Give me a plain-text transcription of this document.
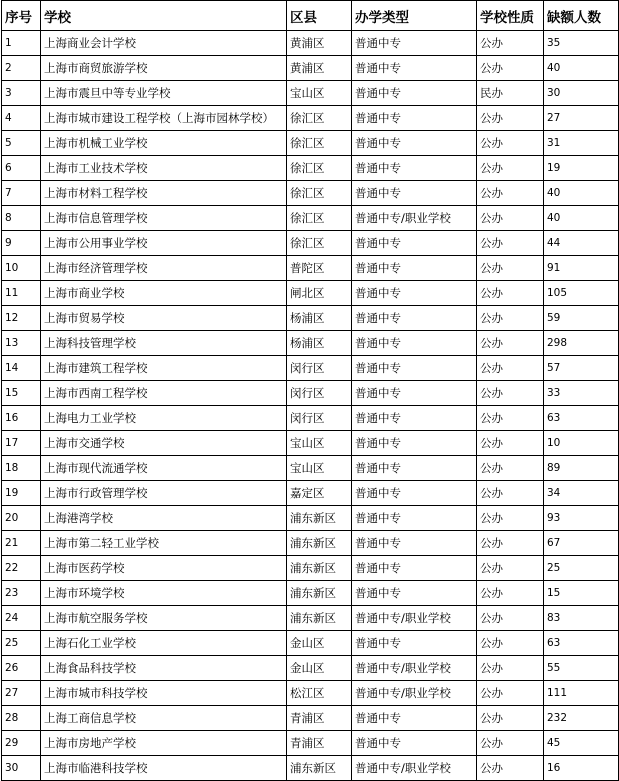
序号	学校	区县	办学类型	学校性质	缺额人数
1	上海商业会计学校	黄浦区	普通中专	公办	35
2	上海市商贸旅游学校	黄浦区	普通中专	公办	40
3	上海市震旦中等专业学校	宝山区	普通中专	民办	30
4	上海市城市建设工程学校（上海市园林学校）	徐汇区	普通中专	公办	27
5	上海市机械工业学校	徐汇区	普通中专	公办	31
6	上海市工业技术学校	徐汇区	普通中专	公办	19
7	上海市材料工程学校	徐汇区	普通中专	公办	40
8	上海市信息管理学校	徐汇区	普通中专/职业学校	公办	40
9	上海市公用事业学校	徐汇区	普通中专	公办	44
10	上海市经济管理学校	普陀区	普通中专	公办	91
11	上海市商业学校	闸北区	普通中专	公办	105
12	上海市贸易学校	杨浦区	普通中专	公办	59
13	上海科技管理学校	杨浦区	普通中专	公办	298
14	上海市建筑工程学校	闵行区	普通中专	公办	57
15	上海市西南工程学校	闵行区	普通中专	公办	33
16	上海电力工业学校	闵行区	普通中专	公办	63
17	上海市交通学校	宝山区	普通中专	公办	10
18	上海市现代流通学校	宝山区	普通中专	公办	89
19	上海市行政管理学校	嘉定区	普通中专	公办	34
20	上海港湾学校	浦东新区	普通中专	公办	93
21	上海市第二轻工业学校	浦东新区	普通中专	公办	67
22	上海市医药学校	浦东新区	普通中专	公办	25
23	上海市环境学校	浦东新区	普通中专	公办	15
24	上海市航空服务学校	浦东新区	普通中专/职业学校	公办	83
25	上海石化工业学校	金山区	普通中专	公办	63
26	上海食品科技学校	金山区	普通中专/职业学校	公办	55
27	上海市城市科技学校	松江区	普通中专/职业学校	公办	111
28	上海工商信息学校	青浦区	普通中专	公办	232
29	上海市房地产学校	青浦区	普通中专	公办	45
30	上海市临港科技学校	浦东新区	普通中专/职业学校	公办	16
